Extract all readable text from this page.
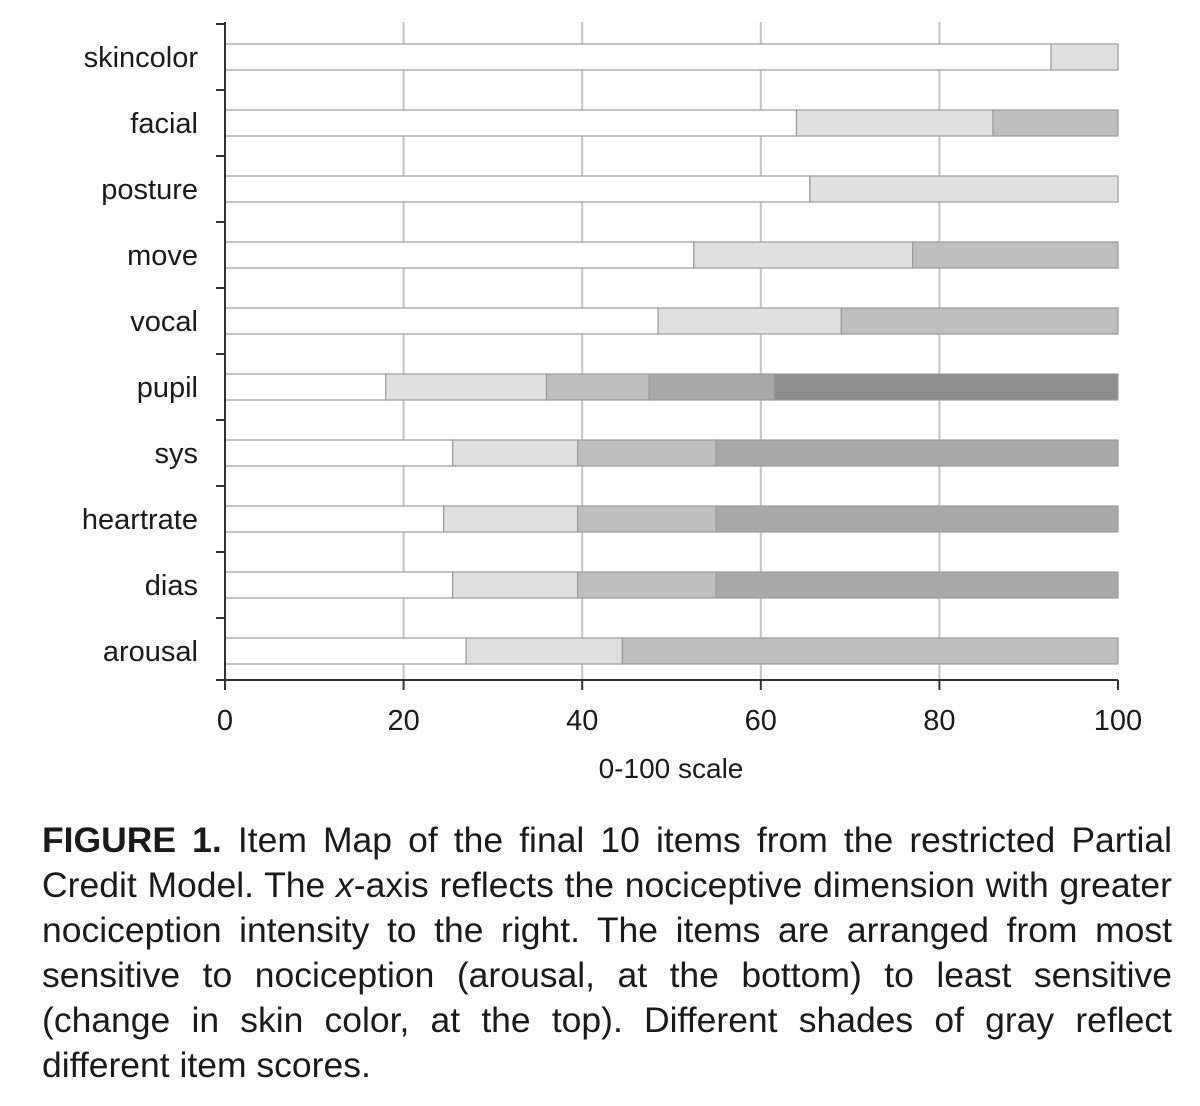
skincolor
facial
posture
move
vocal
pupil
sys
heartrate
dias
arousal
0	20	40	60	80	100
0-100 scale

FIGURE 1. Item Map of the final 10 items from the restricted Partial Credit Model. The x-axis reflects the nociceptive dimension with greater nociception intensity to the right. The items are arranged from most sensitive to nociception (arousal, at the bottom) to least sensitive (change in skin color, at the top). Different shades of gray reflect different item scores.
